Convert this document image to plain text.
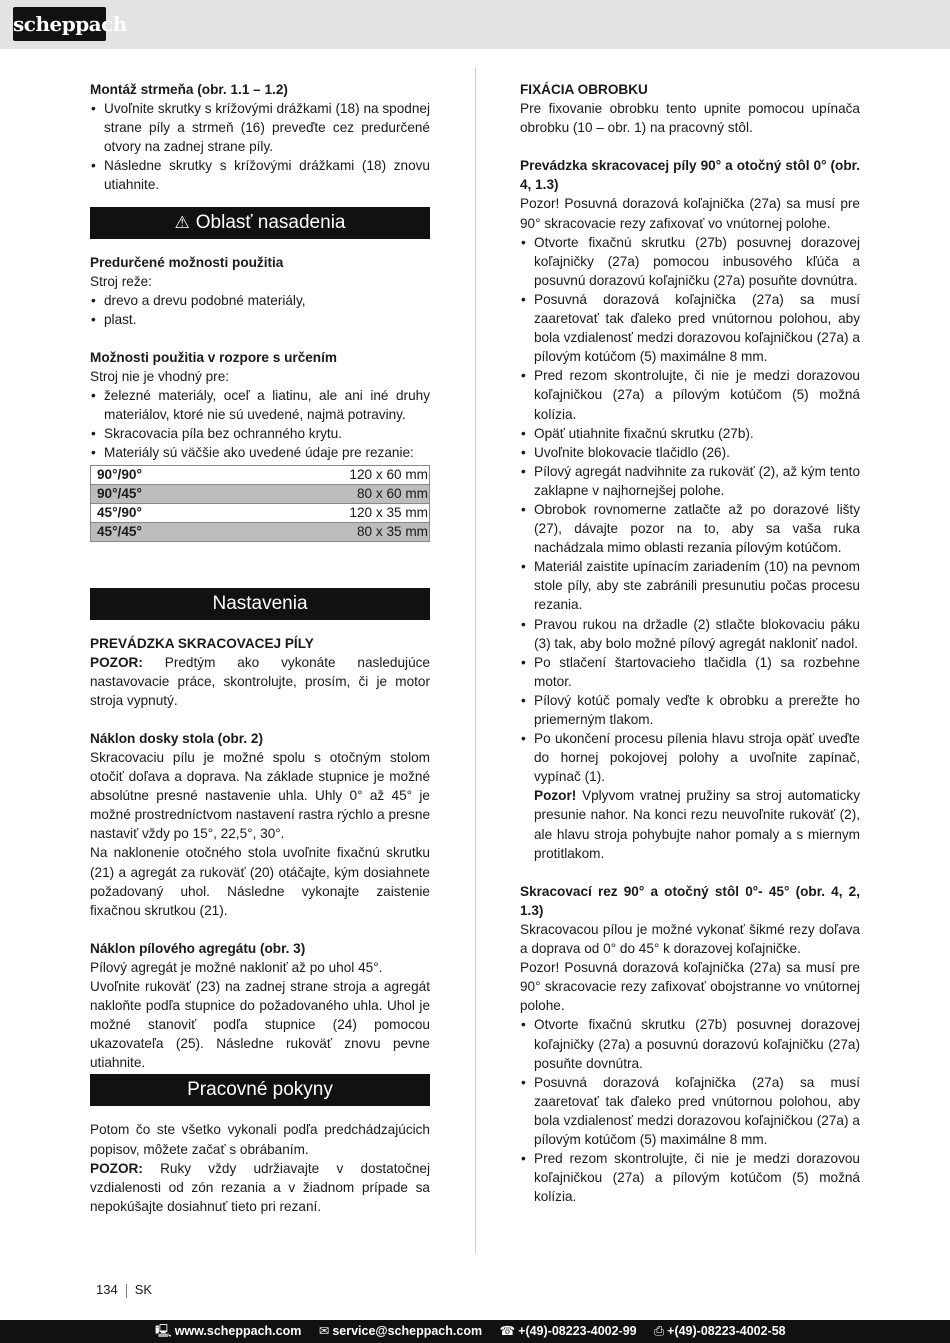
scheppach

Montáž strmeňa (obr. 1.1 – 1.2)

• Uvoľnite skrutky s krížovými drážkami (18) na spodnej strane píly a strmeň (16) preveďte cez predurčené otvory na zadnej strane píly.
• Následne skrutky s krížovými drážkami (18) znovu utiahnite.
⚠ Oblasť nasadenia

Predurčené možnosti použitia

Stroj reže:

• drevo a drevu podobné materiály,
• plast.

Možnosti použitia v rozpore s určením

Stroj nie je vhodný pre:

• železné materiály, oceľ a liatinu, ale ani iné druhy materiálov, ktoré nie sú uvedené, najmä potraviny.
• Skracovacia píla bez ochranného krytu.
• Materiály sú väčšie ako uvedené údaje pre rezanie:
90°/90°	120 x 60 mm
90°/45°	80 x 60 mm
45°/90°	120 x 35 mm
45°/45°	80 x 35 mm
Nastavenia

PREVÁDZKA SKRACOVACEJ PÍLY

POZOR: Predtým ako vykonáte nasledujúce nastavovacie práce, skontrolujte, prosím, či je motor stroja vypnutý.

Náklon dosky stola (obr. 2)

Skracovaciu pílu je možné spolu s otočným stolom otočiť doľava a doprava. Na základe stupnice je možné absolútne presné nastavenie uhla. Uhly 0° až 45° je možné prostredníctvom nastavení rastra rýchlo a presne nastaviť vždy po 15°, 22,5°, 30°.

Na naklonenie otočného stola uvoľnite fixačnú skrutku (21) a agregát za rukoväť (20) otáčajte, kým dosiahnete požadovaný uhol. Následne vykonajte zaistenie fixačnou skrutkou (21).

Náklon pílového agregátu (obr. 3)

Pílový agregát je možné nakloniť až po uhol 45°.

Uvoľnite rukoväť (23) na zadnej strane stroja a agregát nakloňte podľa stupnice do požadovaného uhla. Uhol je možné stanoviť podľa stupnice (24) pomocou ukazovateľa (25). Následne rukoväť znovu pevne utiahnite.

Pracovné pokyny

Potom čo ste všetko vykonali podľa predchádzajúcich popisov, môžete začať s obrábaním.

POZOR: Ruky vždy udržiavajte v dostatočnej vzdialenosti od zón rezania a v žiadnom prípade sa nepokúšajte dosiahnuť tieto pri rezaní.

FIXÁCIA OBROBKU

Pre fixovanie obrobku tento upnite pomocou upínača obrobku (10 – obr. 1) na pracovný stôl.

Prevádzka skracovacej píly 90° a otočný stôl 0° (obr. 4, 1.3)

Pozor! Posuvná dorazová koľajnička (27a) sa musí pre 90° skracovacie rezy zafixovať vo vnútornej polohe.

• Otvorte fixačnú skrutku (27b) posuvnej dorazovej koľajničky (27a) pomocou inbusového kľúča a posuvnú dorazovú koľajničku (27a) posuňte dovnútra.
• Posuvná dorazová koľajnička (27a) sa musí zaaretovať tak ďaleko pred vnútornou polohou, aby bola vzdialenosť medzi dorazovou koľajničkou (27a) a pílovým kotúčom (5) maximálne 8 mm.
• Pred rezom skontrolujte, či nie je medzi dorazovou koľajničkou (27a) a pílovým kotúčom (5) možná kolízia.
• Opäť utiahnite fixačnú skrutku (27b).
• Uvoľnite blokovacie tlačidlo (26).
• Pílový agregát nadvihnite za rukoväť (2), až kým tento zaklapne v najhornejšej polohe.
• Obrobok rovnomerne zatlačte až po dorazové lišty (27), dávajte pozor na to, aby sa vaša ruka nachádzala mimo oblasti rezania pílovým kotúčom.
• Materiál zaistite upínacím zariadením (10) na pevnom stole píly, aby ste zabránili presunutiu počas procesu rezania.
• Pravou rukou na držadle (2) stlačte blokovaciu páku (3) tak, aby bolo možné pílový agregát nakloniť nadol.
• Po stlačení štartovacieho tlačidla (1) sa rozbehne motor.
• Pílový kotúč pomaly veďte k obrobku a prerežte ho priemerným tlakom.
• Po ukončení procesu pílenia hlavu stroja opäť uveďte do hornej pokojovej polohy a uvoľnite zapínač, vypínač (1).

Pozor! Vplyvom vratnej pružiny sa stroj automaticky presunie nahor. Na konci rezu neuvoľnite rukoväť (2), ale hlavu stroja pohybujte nahor pomaly a s miernym protitlakom.

Skracovací rez 90° a otočný stôl 0°- 45° (obr. 4, 2, 1.3)

Skracovacou pílou je možné vykonať šikmé rezy doľava a doprava od 0° do 45° k dorazovej koľajničke.

Pozor! Posuvná dorazová koľajnička (27a) sa musí pre 90° skracovacie rezy zafixovať obojstranne vo vnútornej polohe.

• Otvorte fixačnú skrutku (27b) posuvnej dorazovej koľajničky (27a) a posuvnú dorazovú koľajničku (27a) posuňte dovnútra.
• Posuvná dorazová koľajnička (27a) sa musí zaaretovať tak ďaleko pred vnútornou polohou, aby bola vzdialenosť medzi dorazovou koľajničkou (27a) a pílovým kotúčom (5) maximálne 8 mm.
• Pred rezom skontrolujte, či nie je medzi dorazovou koľajničkou (27a) a pílovým kotúčom (5) možná kolízia.
134 SK
🖳 www.scheppach.com ✉ service@scheppach.com ☎ +(49)-08223-4002-99 ⎙ +(49)-08223-4002-58
